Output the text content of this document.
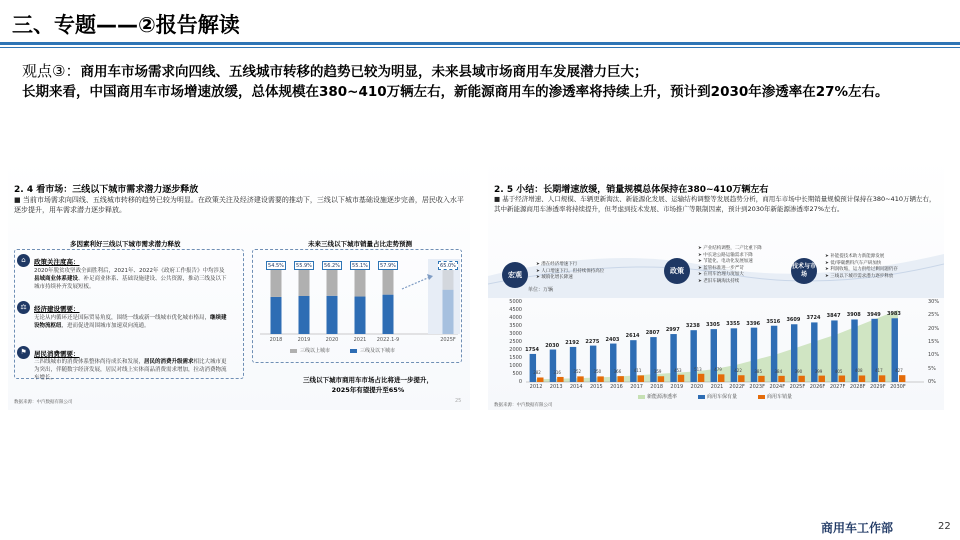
三、专题——②报告解读
观点③：商用车市场需求向四线、五线城市转移的趋势已较为明显，未来县域市场商用车发展潜力巨大；
长期来看，中国商用车市场增速放缓，总体规模在380~410万辆左右，新能源商用车的渗透率将持续上升，预计到2030年渗透率在27%左右。
2. 4 看市场：三线以下城市需求潜力逐步释放
■ 当前市场需求向四线、五线城市转移的趋势已较为明显。在政策关注及经济建设需要的推动下，三线以下城市基础设施逐步完善，居民收入水平逐步提升，用车需求潜力逐步释放。
多因素利好三线以下城市需求潜力释放
⌂	政策关注度高：
2020年脱贫攻坚战全面胜利后，2021年、2022年《政府工作报告》中均涉及县域商业体系建设、补足商业体系、基础设施建设、公共资源，推动三线及以下城市持续补齐发展短板。
⚖	经济建设需要：
无论从内循环还是国际贸易角度，围绕一线或新一线城市优化城市格局，继续建设物流枢纽，进而促进周围城市加速双向流通。
⚑	居民消费需要：
三四线城市的消费体系整体尚待成长和发展，居民的消费升级需求相比大城市更为突出，伴随数字经济发展，居民对线上实体商品消费需求增加，拉动消费物流车增长。
未来三线以下城市销量占比走势预测
三线以下城市商用车市场占比将进一步提升，2025年有望提升至65%
数据来源：中汽数据有限公司	25
54.5%
2018
55.9%
2019
56.2%
2020
55.1%
2021
57.9%
2022.1-9
65.0%
2025F
三线以上城市	三线及以下城市
2. 5 小结：长期增速放缓，销量规模总体保持在380~410万辆左右
■ 基于经济增速、人口规模、车辆更新淘汰、新能源化发展、运输结构调整等发展趋势分析，商用车市场中长期销量规模预计保持在380~410万辆左右，其中新能源商用车渗透率将持续提升，但考虑到技术发展、市场推广等限制因素，预计到2030年新能源渗透率27%左右。
宏观
➤ 潜在经济增速下行
➤ 人口增速下行，但持续保持高位
➤ 城镇化增长降速
政策
➤ 产业结构调整，二产比重下降
➤ 中长途公路运输需求下降
➤ 节能化、电动化发展加速
➤ 蓝管标准进一步严苛
➤ 在用车治理力度加大
➤ 老旧车辆淘汰持续
技术与市场
➤ 补能提技术助力新能源发展
➤ 低/零碳燃料汽车产研加快
➤ 利润收缩，运力供给过剩问题仍存
➤ 三线以下城市需求潜力逐步释放
单位：万辆
数据来源：中汽数据有限公司
5000
4500
4000
3500
3000
2500
2000
1500
1000
500
0
30%
25%
20%
15%
10%
5%
0%
1754
282
2012
2030
316
2013
2192
352
2014
2275
350
2015
2403
366
2016
2614
411
2017
2807
359
2018
2997
453
2019
3238
513
2020
3305
479
2021
3355
422
2022F
3396
385
2023F
3516
384
2024F
3609
390
2025F
3724
399
2026F
3847
405
2027F
3908
408
2028F
3949
417
2029F
3983
427
2030F
新能源渗透率	商用车保有量	商用车销量
商用车工作部	22
